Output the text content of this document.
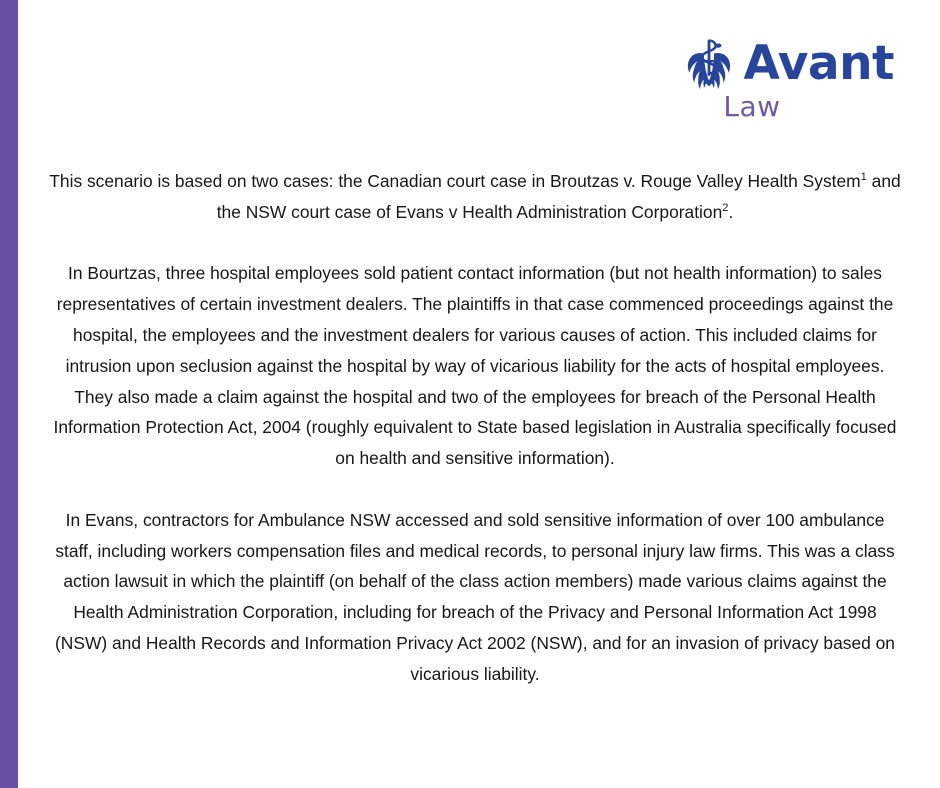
Avant
Law
This scenario is based on two cases: the Canadian court case in Broutzas v. Rouge Valley Health System$^1$ and the NSW court case of Evans v Health Administration Corporation$^2$.
In Bourtzas, three hospital employees sold patient contact information (but not health information) to sales representatives of certain investment dealers. The plaintiffs in that case commenced proceedings against the hospital, the employees and the investment dealers for various causes of action. This included claims for intrusion upon seclusion against the hospital by way of vicarious liability for the acts of hospital employees. They also made a claim against the hospital and two of the employees for breach of the Personal Health Information Protection Act, 2004 (roughly equivalent to State based legislation in Australia specifically focused on health and sensitive information).
In Evans, contractors for Ambulance NSW accessed and sold sensitive information of over 100 ambulance staff, including workers compensation files and medical records, to personal injury law firms. This was a class action lawsuit in which the plaintiff (on behalf of the class action members) made various claims against the Health Administration Corporation, including for breach of the Privacy and Personal Information Act 1998 (NSW) and Health Records and Information Privacy Act 2002 (NSW), and for an invasion of privacy based on vicarious liability.
